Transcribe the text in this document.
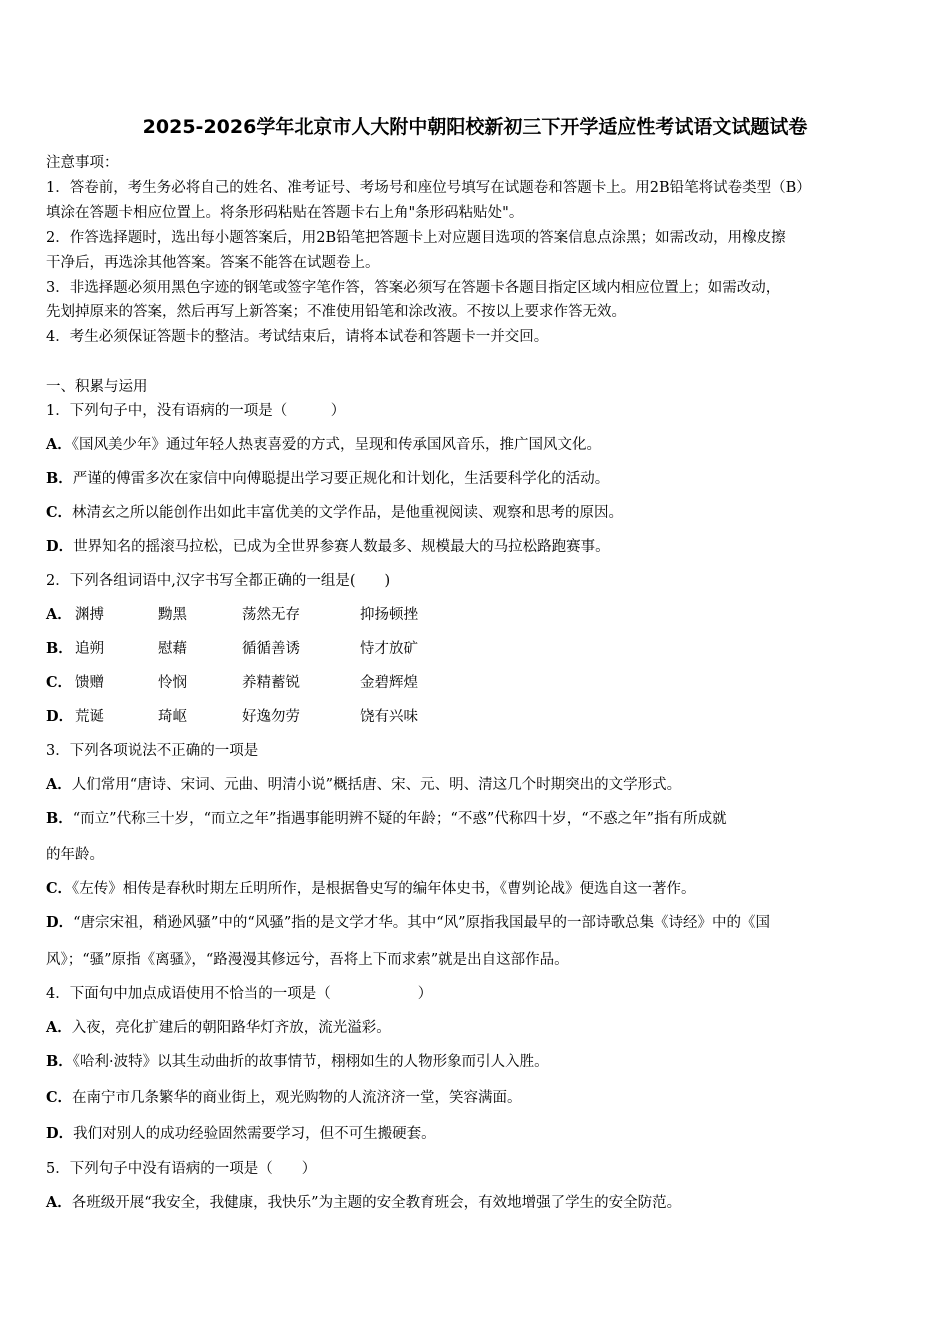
2025-2026学年北京市人大附中朝阳校新初三下开学适应性考试语文试题试卷
注意事项：
1．答卷前，考生务必将自己的姓名、准考证号、考场号和座位号填写在试题卷和答题卡上。用2B铅笔将试卷类型（B）
填涂在答题卡相应位置上。将条形码粘贴在答题卡右上角"条形码粘贴处"。
2．作答选择题时，选出每小题答案后，用2B铅笔把答题卡上对应题目选项的答案信息点涂黑；如需改动，用橡皮擦
干净后，再选涂其他答案。答案不能答在试题卷上。
3．非选择题必须用黑色字迹的钢笔或签字笔作答，答案必须写在答题卡各题目指定区域内相应位置上；如需改动，
先划掉原来的答案，然后再写上新答案；不准使用铅笔和涂改液。不按以上要求作答无效。
4．考生必须保证答题卡的整洁。考试结束后，请将本试卷和答题卡一并交回。
一、积累与运用
1．下列句子中，没有语病的一项是（　　　）
A．《国风美少年》通过年轻人热衷喜爱的方式，呈现和传承国风音乐，推广国风文化。
B．严谨的傅雷多次在家信中向傅聪提出学习要正规化和计划化，生活要科学化的活动。
C．林清玄之所以能创作出如此丰富优美的文学作品，是他重视阅读、观察和思考的原因。
D．世界知名的摇滚马拉松，已成为全世界参赛人数最多、规模最大的马拉松路跑赛事。
2．下列各组词语中,汉字书写全都正确的一组是(　　)
A． 渊搏	黝黑	荡然无存	抑扬顿挫
B． 追朔	慰藉	循循善诱	恃才放矿
C． 馈赠	怜悯	养精蓄锐	金碧辉煌
D． 荒诞	琦岖	好逸勿劳	饶有兴味
3．下列各项说法不正确的一项是
A．人们常用“唐诗、宋词、元曲、明清小说”概括唐、宋、元、明、清这几个时期突出的文学形式。
B．“而立”代称三十岁，“而立之年”指遇事能明辨不疑的年龄；“不惑”代称四十岁，“不惑之年”指有所成就
的年龄。
C．《左传》相传是春秋时期左丘明所作，是根据鲁史写的编年体史书，《曹刿论战》便选自这一著作。
D．“唐宗宋祖，稍逊风骚”中的“风骚”指的是文学才华。其中“风”原指我国最早的一部诗歌总集《诗经》中的《国
风》；“骚”原指《离骚》，“路漫漫其修远兮，吾将上下而求索”就是出自这部作品。
4．下面句中加点成语使用不恰当的一项是（　　　　　　）
A．入夜，亮化扩建后的朝阳路华灯齐放，流光溢彩。
B．《哈利·波特》以其生动曲折的故事情节，栩栩如生的人物形象而引人入胜。
C．在南宁市几条繁华的商业街上，观光购物的人流济济一堂，笑容满面。
D．我们对别人的成功经验固然需要学习，但不可生搬硬套。
5．下列句子中没有语病的一项是（　　）
A．各班级开展“我安全，我健康，我快乐”为主题的安全教育班会，有效地增强了学生的安全防范。
